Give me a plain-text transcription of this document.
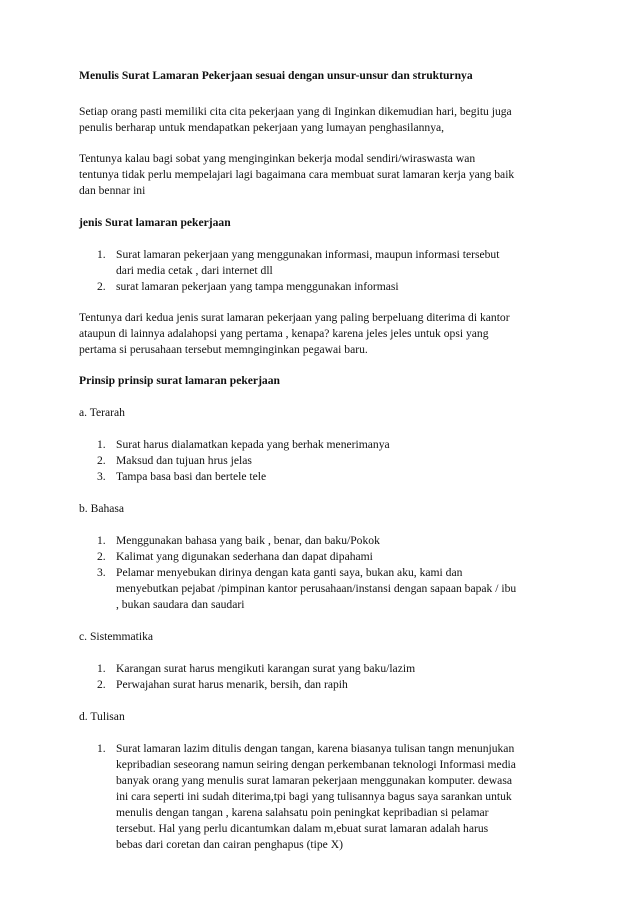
Menulis Surat Lamaran Pekerjaan sesuai dengan unsur-unsur dan strukturnya

Setiap orang pasti memiliki cita cita pekerjaan yang di Inginkan dikemudian hari, begitu juga
penulis berharap untuk mendapatkan pekerjaan yang lumayan penghasilannya,
Tentunya kalau bagi sobat yang menginginkan bekerja modal sendiri/wiraswasta wan
tentunya tidak perlu mempelajari lagi bagaimana cara membuat surat lamaran kerja yang baik
dan bennar ini
jenis Surat lamaran pekerjaan
1. Surat lamaran pekerjaan yang menggunakan informasi, maupun informasi tersebut
dari media cetak , dari internet dll
2. surat lamaran pekerjaan yang tampa menggunakan informasi
Tentunya dari kedua jenis surat lamaran pekerjaan yang paling berpeluang diterima di kantor
ataupun di lainnya adalahopsi yang pertama , kenapa? karena jeles jeles untuk opsi yang
pertama si perusahaan tersebut memnginginkan pegawai baru.
Prinsip prinsip surat lamaran pekerjaan
a. Terarah
1. Surat harus dialamatkan kepada yang berhak menerimanya
2. Maksud dan tujuan hrus jelas
3. Tampa basa basi dan bertele tele
b. Bahasa
1. Menggunakan bahasa yang baik , benar, dan baku/Pokok
2. Kalimat yang digunakan sederhana dan dapat dipahami
3. Pelamar menyebukan dirinya dengan kata ganti saya, bukan aku, kami dan
menyebutkan pejabat /pimpinan kantor perusahaan/instansi dengan sapaan bapak / ibu
, bukan saudara dan saudari
c. Sistemmatika
1. Karangan surat harus mengikuti karangan surat yang baku/lazim
2. Perwajahan surat harus menarik, bersih, dan rapih
d. Tulisan
1. Surat lamaran lazim ditulis dengan tangan, karena biasanya tulisan tangn menunjukan
kepribadian seseorang namun seiring dengan perkembanan teknologi Informasi media
banyak orang yang menulis surat lamaran pekerjaan menggunakan komputer. dewasa
ini cara seperti ini sudah diterima,tpi bagi yang tulisannya bagus saya sarankan untuk
menulis dengan tangan , karena salahsatu poin peningkat kepribadian si pelamar
tersebut. Hal yang perlu dicantumkan dalam m,ebuat surat lamaran adalah harus
bebas dari coretan dan cairan penghapus (tipe X)
